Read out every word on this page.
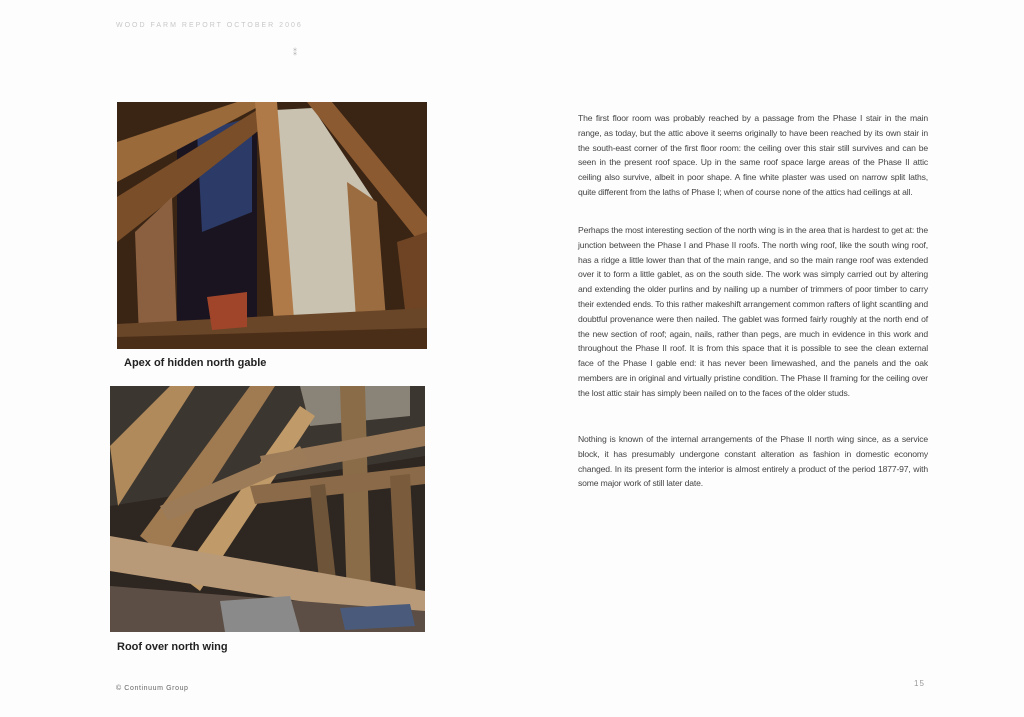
WOOD FARM REPORT OCTOBER 2006
⁑
Apex of hidden north gable
Roof over north wing

The first floor room was probably reached by a passage from the Phase I stair in the main range, as today, but the attic above it seems originally to have been reached by its own stair in the south-east corner of the first floor room: the ceiling over this stair still survives and can be seen in the present roof space. Up in the same roof space large areas of the Phase II attic ceiling also survive, albeit in poor shape. A fine white plaster was used on narrow split laths, quite different from the laths of Phase I; when of course none of the attics had ceilings at all.

Perhaps the most interesting section of the north wing is in the area that is hardest to get at: the junction between the Phase I and Phase II roofs. The north wing roof, like the south wing roof, has a ridge a little lower than that of the main range, and so the main range roof was extended over it to form a little gablet, as on the south side. The work was simply carried out by altering and extending the older purlins and by nailing up a number of trimmers of poor timber to carry their extended ends. To this rather makeshift arrangement common rafters of light scantling and doubtful provenance were then nailed. The gablet was formed fairly roughly at the north end of the new section of roof; again, nails, rather than pegs, are much in evidence in this work and throughout the Phase II roof. It is from this space that it is possible to see the clean external face of the Phase I gable end: it has never been limewashed, and the panels and the oak members are in original and virtually pristine condition. The Phase II framing for the ceiling over the lost attic stair has simply been nailed on to the faces of the older studs.

Nothing is known of the internal arrangements of the Phase II north wing since, as a service block, it has presumably undergone constant alteration as fashion in domestic economy changed. In its present form the interior is almost entirely a product of the period 1877-97, with some major work of still later date.

© Continuum Group
15
